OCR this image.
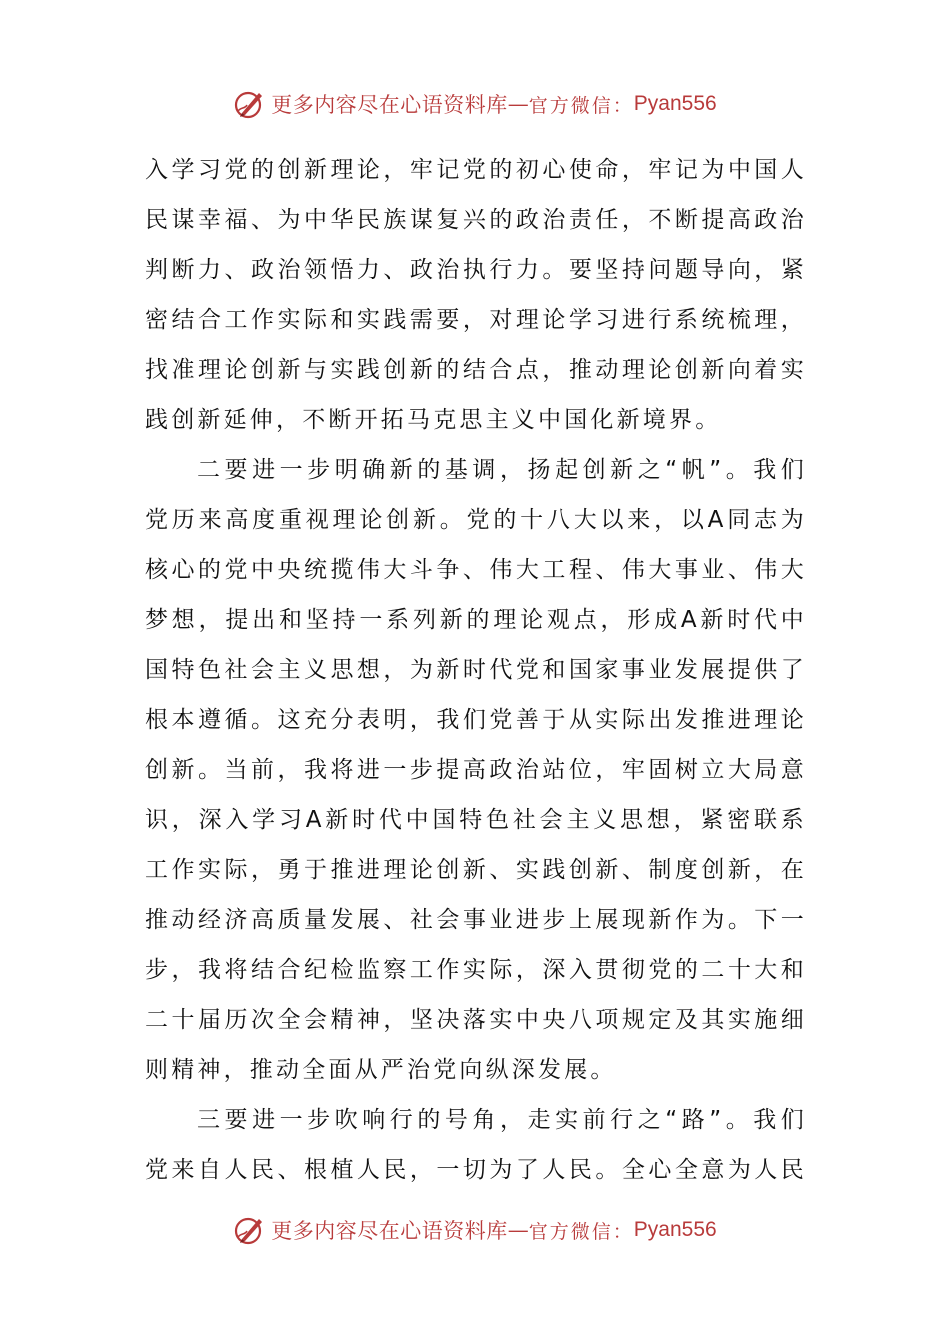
更多内容尽在心语资料库 — 官方微信： Pyan556
入学习党的创新理论，牢记党的初心使命，牢记为中国人
民谋幸福、为中华民族谋复兴的政治责任，不断提高政治
判断力、政治领悟力、政治执行力。要坚持问题导向，紧
密结合工作实际和实践需要，对理论学习进行系统梳理，
找准理论创新与实践创新的结合点，推动理论创新向着实
践创新延伸，不断开拓马克思主义中国化新境界。
二要进一步明确新的基调，扬起创新之“帆”。我们
党历来高度重视理论创新。党的十八大以来，以A同志为
核心的党中央统揽伟大斗争、伟大工程、伟大事业、伟大
梦想，提出和坚持一系列新的理论观点，形成A新时代中
国特色社会主义思想，为新时代党和国家事业发展提供了
根本遵循。这充分表明，我们党善于从实际出发推进理论
创新。当前，我将进一步提高政治站位，牢固树立大局意
识，深入学习A新时代中国特色社会主义思想，紧密联系
工作实际，勇于推进理论创新、实践创新、制度创新，在
推动经济高质量发展、社会事业进步上展现新作为。下一
步，我将结合纪检监察工作实际，深入贯彻党的二十大和
二十届历次全会精神，坚决落实中央八项规定及其实施细
则精神，推动全面从严治党向纵深发展。
三要进一步吹响行的号角，走实前行之“路”。我们
党来自人民、根植人民，一切为了人民。全心全意为人民
更多内容尽在心语资料库 — 官方微信： Pyan556
